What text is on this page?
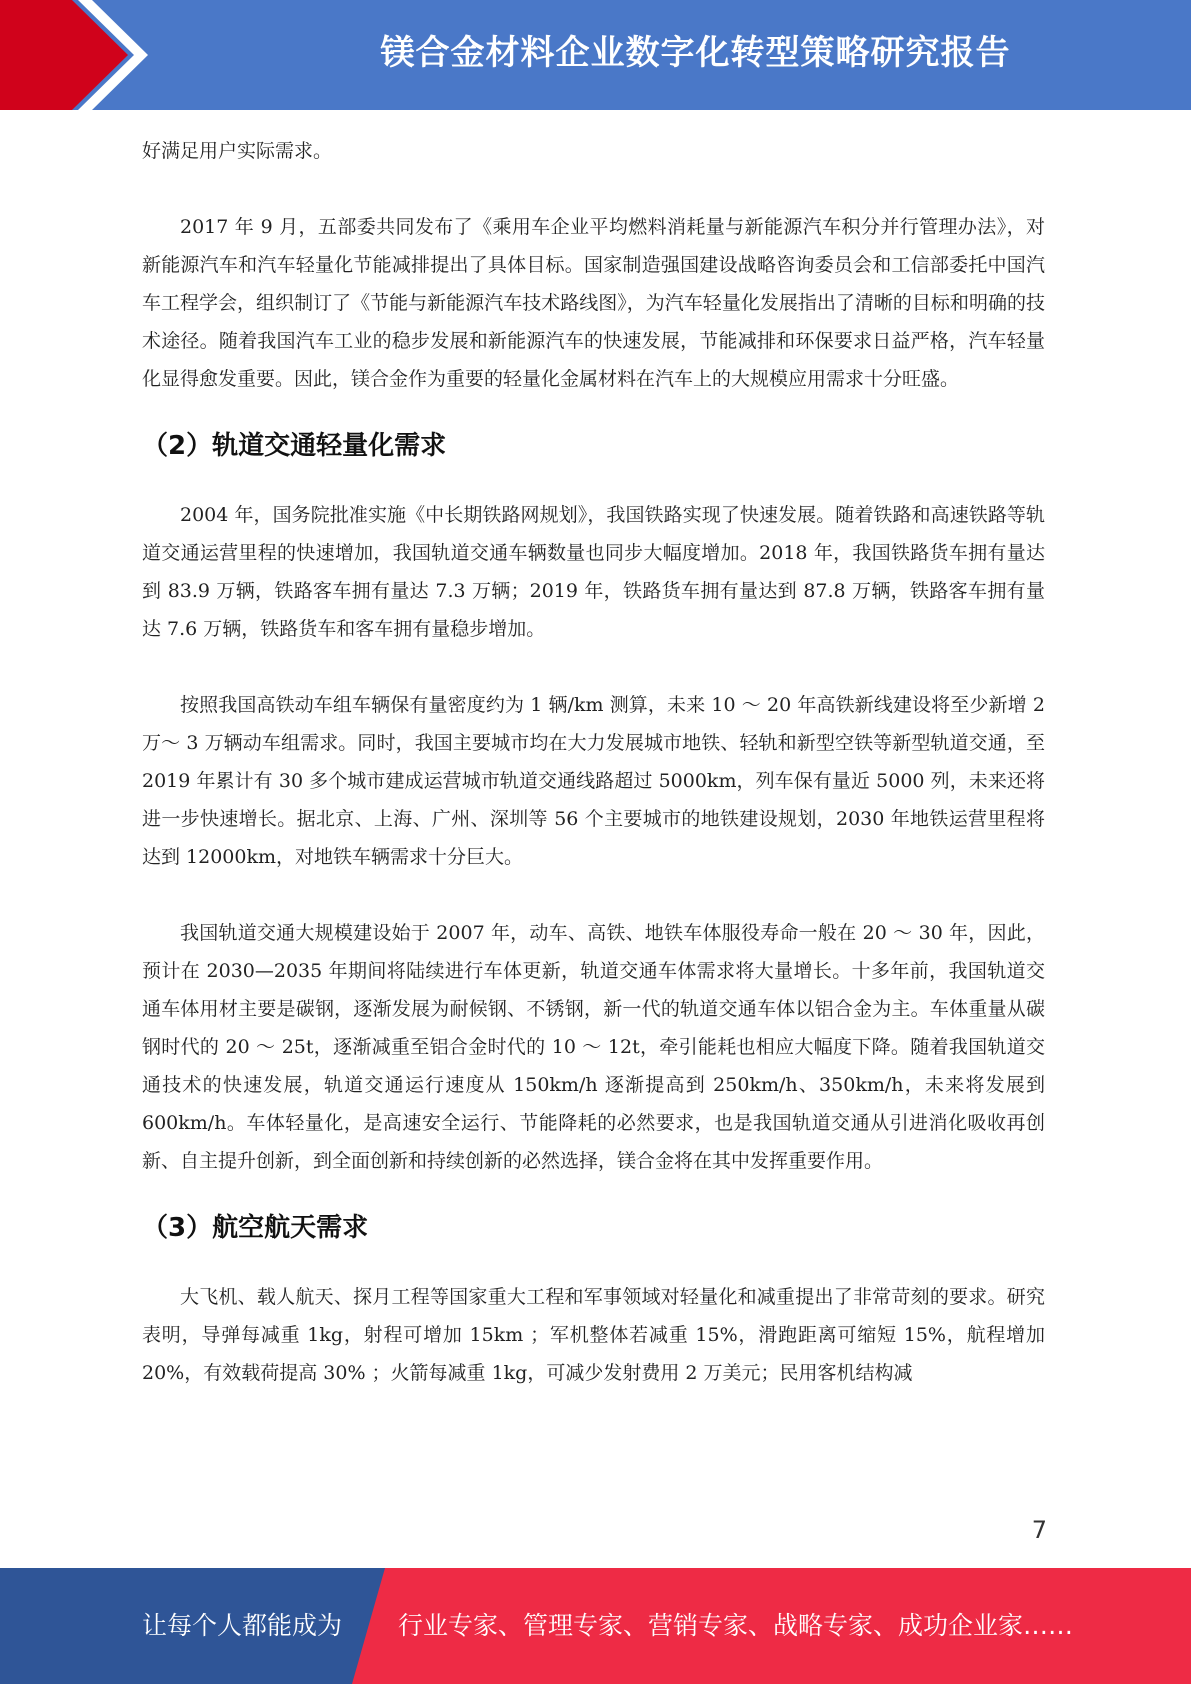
镁合金材料企业数字化转型策略研究报告

好满足用户实际需求。

2017 年 9 月，五部委共同发布了《乘用车企业平均燃料消耗量与新能源汽车积分并行管理办法》，对新能源汽车和汽车轻量化节能减排提出了具体目标。国家制造强国建设战略咨询委员会和工信部委托中国汽车工程学会，组织制订了《节能与新能源汽车技术路线图》，为汽车轻量化发展指出了清晰的目标和明确的技术途径。随着我国汽车工业的稳步发展和新能源汽车的快速发展，节能减排和环保要求日益严格，汽车轻量化显得愈发重要。因此，镁合金作为重要的轻量化金属材料在汽车上的大规模应用需求十分旺盛。

（2）轨道交通轻量化需求

2004 年，国务院批准实施《中长期铁路网规划》，我国铁路实现了快速发展。随着铁路和高速铁路等轨道交通运营里程的快速增加，我国轨道交通车辆数量也同步大幅度增加。2018 年，我国铁路货车拥有量达到 83.9 万辆，铁路客车拥有量达 7.3 万辆；2019 年，铁路货车拥有量达到 87.8 万辆，铁路客车拥有量达 7.6 万辆，铁路货车和客车拥有量稳步增加。

按照我国高铁动车组车辆保有量密度约为 1 辆/km 测算，未来 10 ～ 20 年高铁新线建设将至少新增 2 万～ 3 万辆动车组需求。同时，我国主要城市均在大力发展城市地铁、轻轨和新型空铁等新型轨道交通，至 2019 年累计有 30 多个城市建成运营城市轨道交通线路超过 5000km，列车保有量近 5000 列，未来还将进一步快速增长。据北京、上海、广州、深圳等 56 个主要城市的地铁建设规划，2030 年地铁运营里程将达到 12000km，对地铁车辆需求十分巨大。

我国轨道交通大规模建设始于 2007 年，动车、高铁、地铁车体服役寿命一般在 20 ～ 30 年，因此，预计在 2030—2035 年期间将陆续进行车体更新，轨道交通车体需求将大量增长。十多年前，我国轨道交通车体用材主要是碳钢，逐渐发展为耐候钢、不锈钢，新一代的轨道交通车体以铝合金为主。车体重量从碳钢时代的 20 ～ 25t，逐渐减重至铝合金时代的 10 ～ 12t，牵引能耗也相应大幅度下降。随着我国轨道交通技术的快速发展，轨道交通运行速度从 150km/h 逐渐提高到 250km/h、350km/h，未来将发展到 600km/h。车体轻量化，是高速安全运行、节能降耗的必然要求，也是我国轨道交通从引进消化吸收再创新、自主提升创新，到全面创新和持续创新的必然选择，镁合金将在其中发挥重要作用。

（3）航空航天需求

大飞机、载人航天、探月工程等国家重大工程和军事领域对轻量化和减重提出了非常苛刻的要求。研究表明，导弹每减重 1kg，射程可增加 15km ；军机整体若减重 15%，滑跑距离可缩短 15%，航程增加 20%，有效载荷提高 30% ；火箭每减重 1kg，可减少发射费用 2 万美元；民用客机结构减

7
让每个人都能成为 行业专家、管理专家、营销专家、战略专家、成功企业家……
